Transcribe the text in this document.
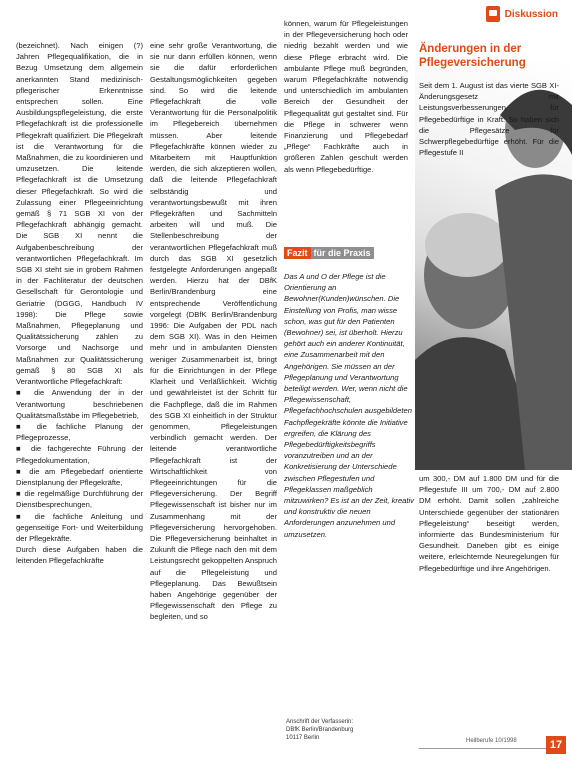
Diskussion

(bezeichnet). Nach einigen (?) Jahren Pflegequalifikation, die in Bezug Umsetzung dem allgemein anerkannten Stand medizinisch-pflegerischer Erkenntnisse entsprechen sollen. Eine Ausbildungspflegeleistung, die erste Pflegefachkraft ist die professionelle Pflegekraft qualifiziert. Die Pflegekraft ist die Verantwortung für die Maßnahmen, die zu koordinieren und umzusetzen. Die leitende Pflegefachkraft ist die Umsetzung dieser Pflegefachkraft. So wird die Zulassung einer Pflegeeinrichtung gemäß § 71 SGB XI von der Pflegefachkraft abhängig gemacht. Die SGB XI nennt die Aufgabenbeschreibung der verantwortlichen Pflegefachkraft. Im SGB XI steht sie in grobem Rahmen in der Fachliteratur der deutschen Gesellschaft für Gerontologie und Geriatrie (DGGG, Handbuch IV 1998): Die Pflege sowie Maßnahmen, Pflegeplanung und Qualitätssicherung zählen zu Vorsorge und Nachsorge und Maßnahmen zur Qualitätssicherung gemäß § 80 SGB XI als Verantwortliche Pflegefachkraft:
■ die Anwendung der in der Verantwortung beschriebenen Qualitätsmaßstäbe im Pflegebetrieb,
■ die fachliche Planung der Pflegeprozesse,
■ die fachgerechte Führung der Pflegedokumentation,
■ die am Pflegebedarf orientierte Dienstplanung der Pflegekräfte,
■ die regelmäßige Durchführung der Dienstbesprechungen,
■ die fachliche Anleitung und gegenseitige Fort- und Weiterbildung der Pflegekräfte.
Durch diese Aufgaben haben die leitenden Pflegefachkräfte

eine sehr große Verantwortung, die sie nur dann erfüllen können, wenn sie die dafür erforderlichen Gestaltungsmöglichkeiten gegeben sind. So wird die leitende Pflegefachkraft die volle Verantwortung für die Personalpolitik im Pflegebereich übernehmen müssen. Aber leitende Pflegefachkräfte können wieder zu Mitarbeitern mit Hauptfunktion werden, die sich akzeptieren wollen, daß die leitende Pflegefachkraft selbständig und verantwortungsbewußt mit ihren Pflegekräften und Sachmitteln arbeiten will und muß. Die Stellenbeschreibung der verantwortlichen Pflegefachkraft muß durch das SGB XI gesetzlich festgelegte Anforderungen angepaßt werden. Hierzu hat der DBfK Berlin/Brandenburg eine entsprechende Veröffentlichung vorgelegt (DBfK Berlin/Brandenburg 1996: Die Aufgaben der PDL nach dem SGB XI). Was in den Heimen mehr und in ambulanten Diensten weniger Zusammenarbeit ist, bringt für die Einrichtungen in der Pflege Klarheit und Verläßlichkeit. Wichtig und gewährleistet ist der Schritt für die Fachpflege, daß die im Rahmen des SGB XI einheitlich in der Struktur genommen, Pflegeleistungen verbindlich gemacht werden. Der leitende verantwortliche Pflegefachkraft ist der Wirtschaftlichkeit von Pflegeeinrichtungen für die Pflegeversicherung. Der Begriff Pflegewissenschaft ist bisher nur im Zusammenhang mit der Pflegeversicherung hervorgehoben. Die Pflegeversicherung beinhaltet in Zukunft die Pflege nach den mit dem Leistungsrecht gekoppelten Anspruch auf die Pflegeleistung und Pflegeplanung. Das Bewußtsein haben Angehörige gegenüber der Pflegewissenschaft den Pflege zu begleiten, und so

können, warum für Pflegeleistungen in der Pflegeversicherung hoch oder niedrig bezahlt werden und wie diese Pflege erbracht wird. Die ambulante Pflege muß begründen, warum Pflegefachkräfte notwendig und unterschiedlich im ambulanten Bereich der Gesundheit der Pflegequalität gut gestaltet sind. Für die Pflege in schwerer wenn Finanzierung und Pflegebedarf „Pflege“ Fachkräfte auch in größeren Zahlen geschult werden als wenn Pflegebedürftige.

Änderungen in der Pflegeversicherung

Seit dem 1. August ist das vierte SGB XI-Änderungsgesetz mit Leistungsverbesserungen für Pflegebedürftige in Kraft. So haben sich die Pflegesätze für Schwerpflegebedürftige erhöht. Für die Pflegestufe II

Fazit für die Praxis
Das A und O der Pflege ist die Orientierung an Bewohner(Kunden)wünschen. Die Einstellung von Profis, man wisse schon, was gut für den Patienten (Bewohner) sei, ist überholt. Hierzu gehört auch ein anderer Kontinuität, eine Zusammenarbeit mit den Angehörigen. Sie müssen an der Pflegeplanung und Verantwortung beteiligt werden. Wer, wenn nicht die Pflegewissenschaft, Pflegefachhochschulen ausgebildeten Fachpflegekräfte könnte die Initiative ergreifen, die Klärung des Pflegebedürftigkeitsbegriffs voranzutreiben und an der Konkretisierung der Unterschiede zwischen Pflegestufen und Pflegeklassen maßgeblich mitzuwirken? Es ist an der Zeit, kreativ und konstruktiv die neuen Anforderungen anzunehmen und umzusetzen.

um 300,- DM auf 1.800 DM und für die Pflegestufe III um 700,- DM auf 2.800 DM erhöht. Damit sollen „zahlreiche Unterschiede gegenüber der stationären Pflegeleistung“ beseitigt werden, informierte das Bundesministerium für Gesundheit. Daneben gibt es einige weitere, erleichternde Neuregelungen für Pflegebedürftige und ihre Angehörigen.

Anschrift der Verfasserin:
DBfK Berlin/Brandenburg
10117 Berlin	Heilberufe 10/1998	17
